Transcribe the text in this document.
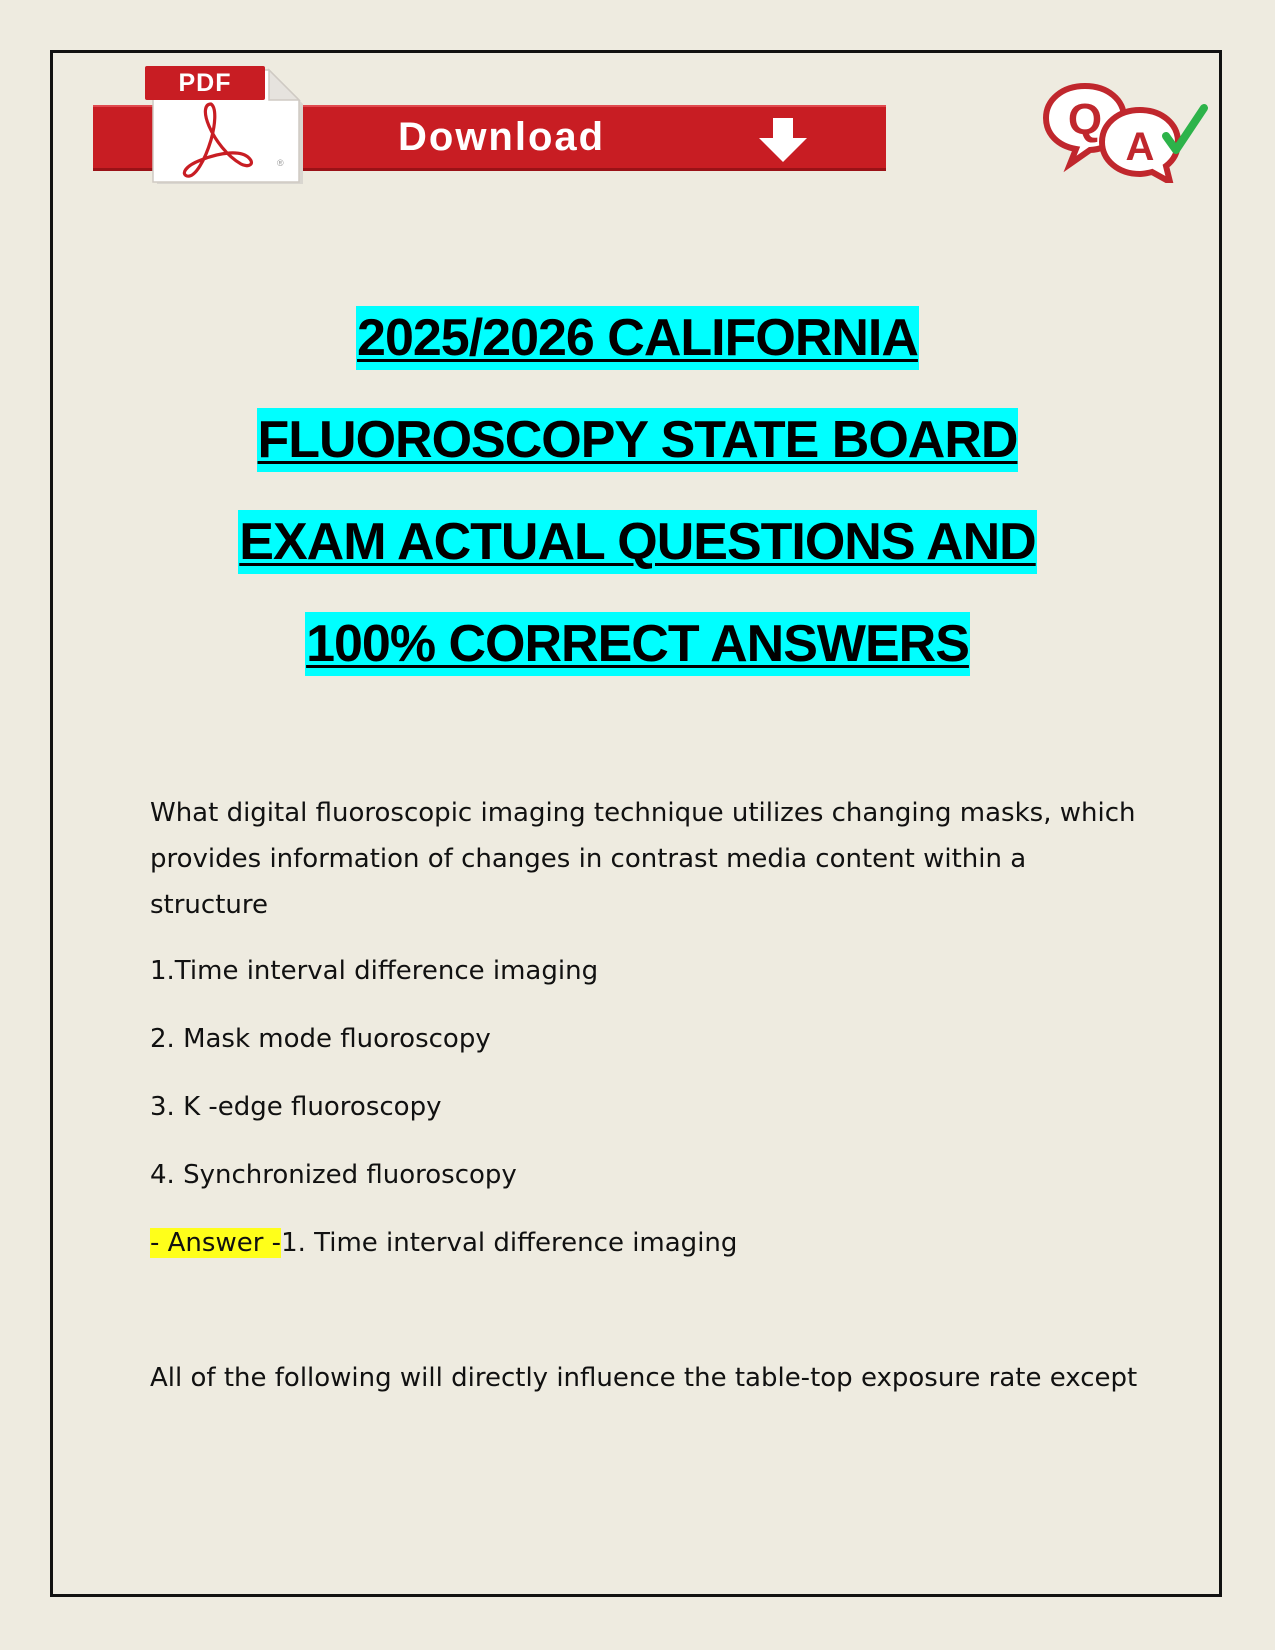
Download
®
PDF
Q
A
2025/2026 CALIFORNIA
FLUOROSCOPY STATE BOARD
EXAM ACTUAL QUESTIONS AND
100% CORRECT ANSWERS

What digital fluoroscopic imaging technique utilizes changing masks, which provides information of changes in contrast media content within a structure

1.Time interval difference imaging

2. Mask mode fluoroscopy

3. K -edge fluoroscopy

4. Synchronized fluoroscopy

- Answer -1. Time interval difference imaging

All of the following will directly influence the table-top exposure rate except
